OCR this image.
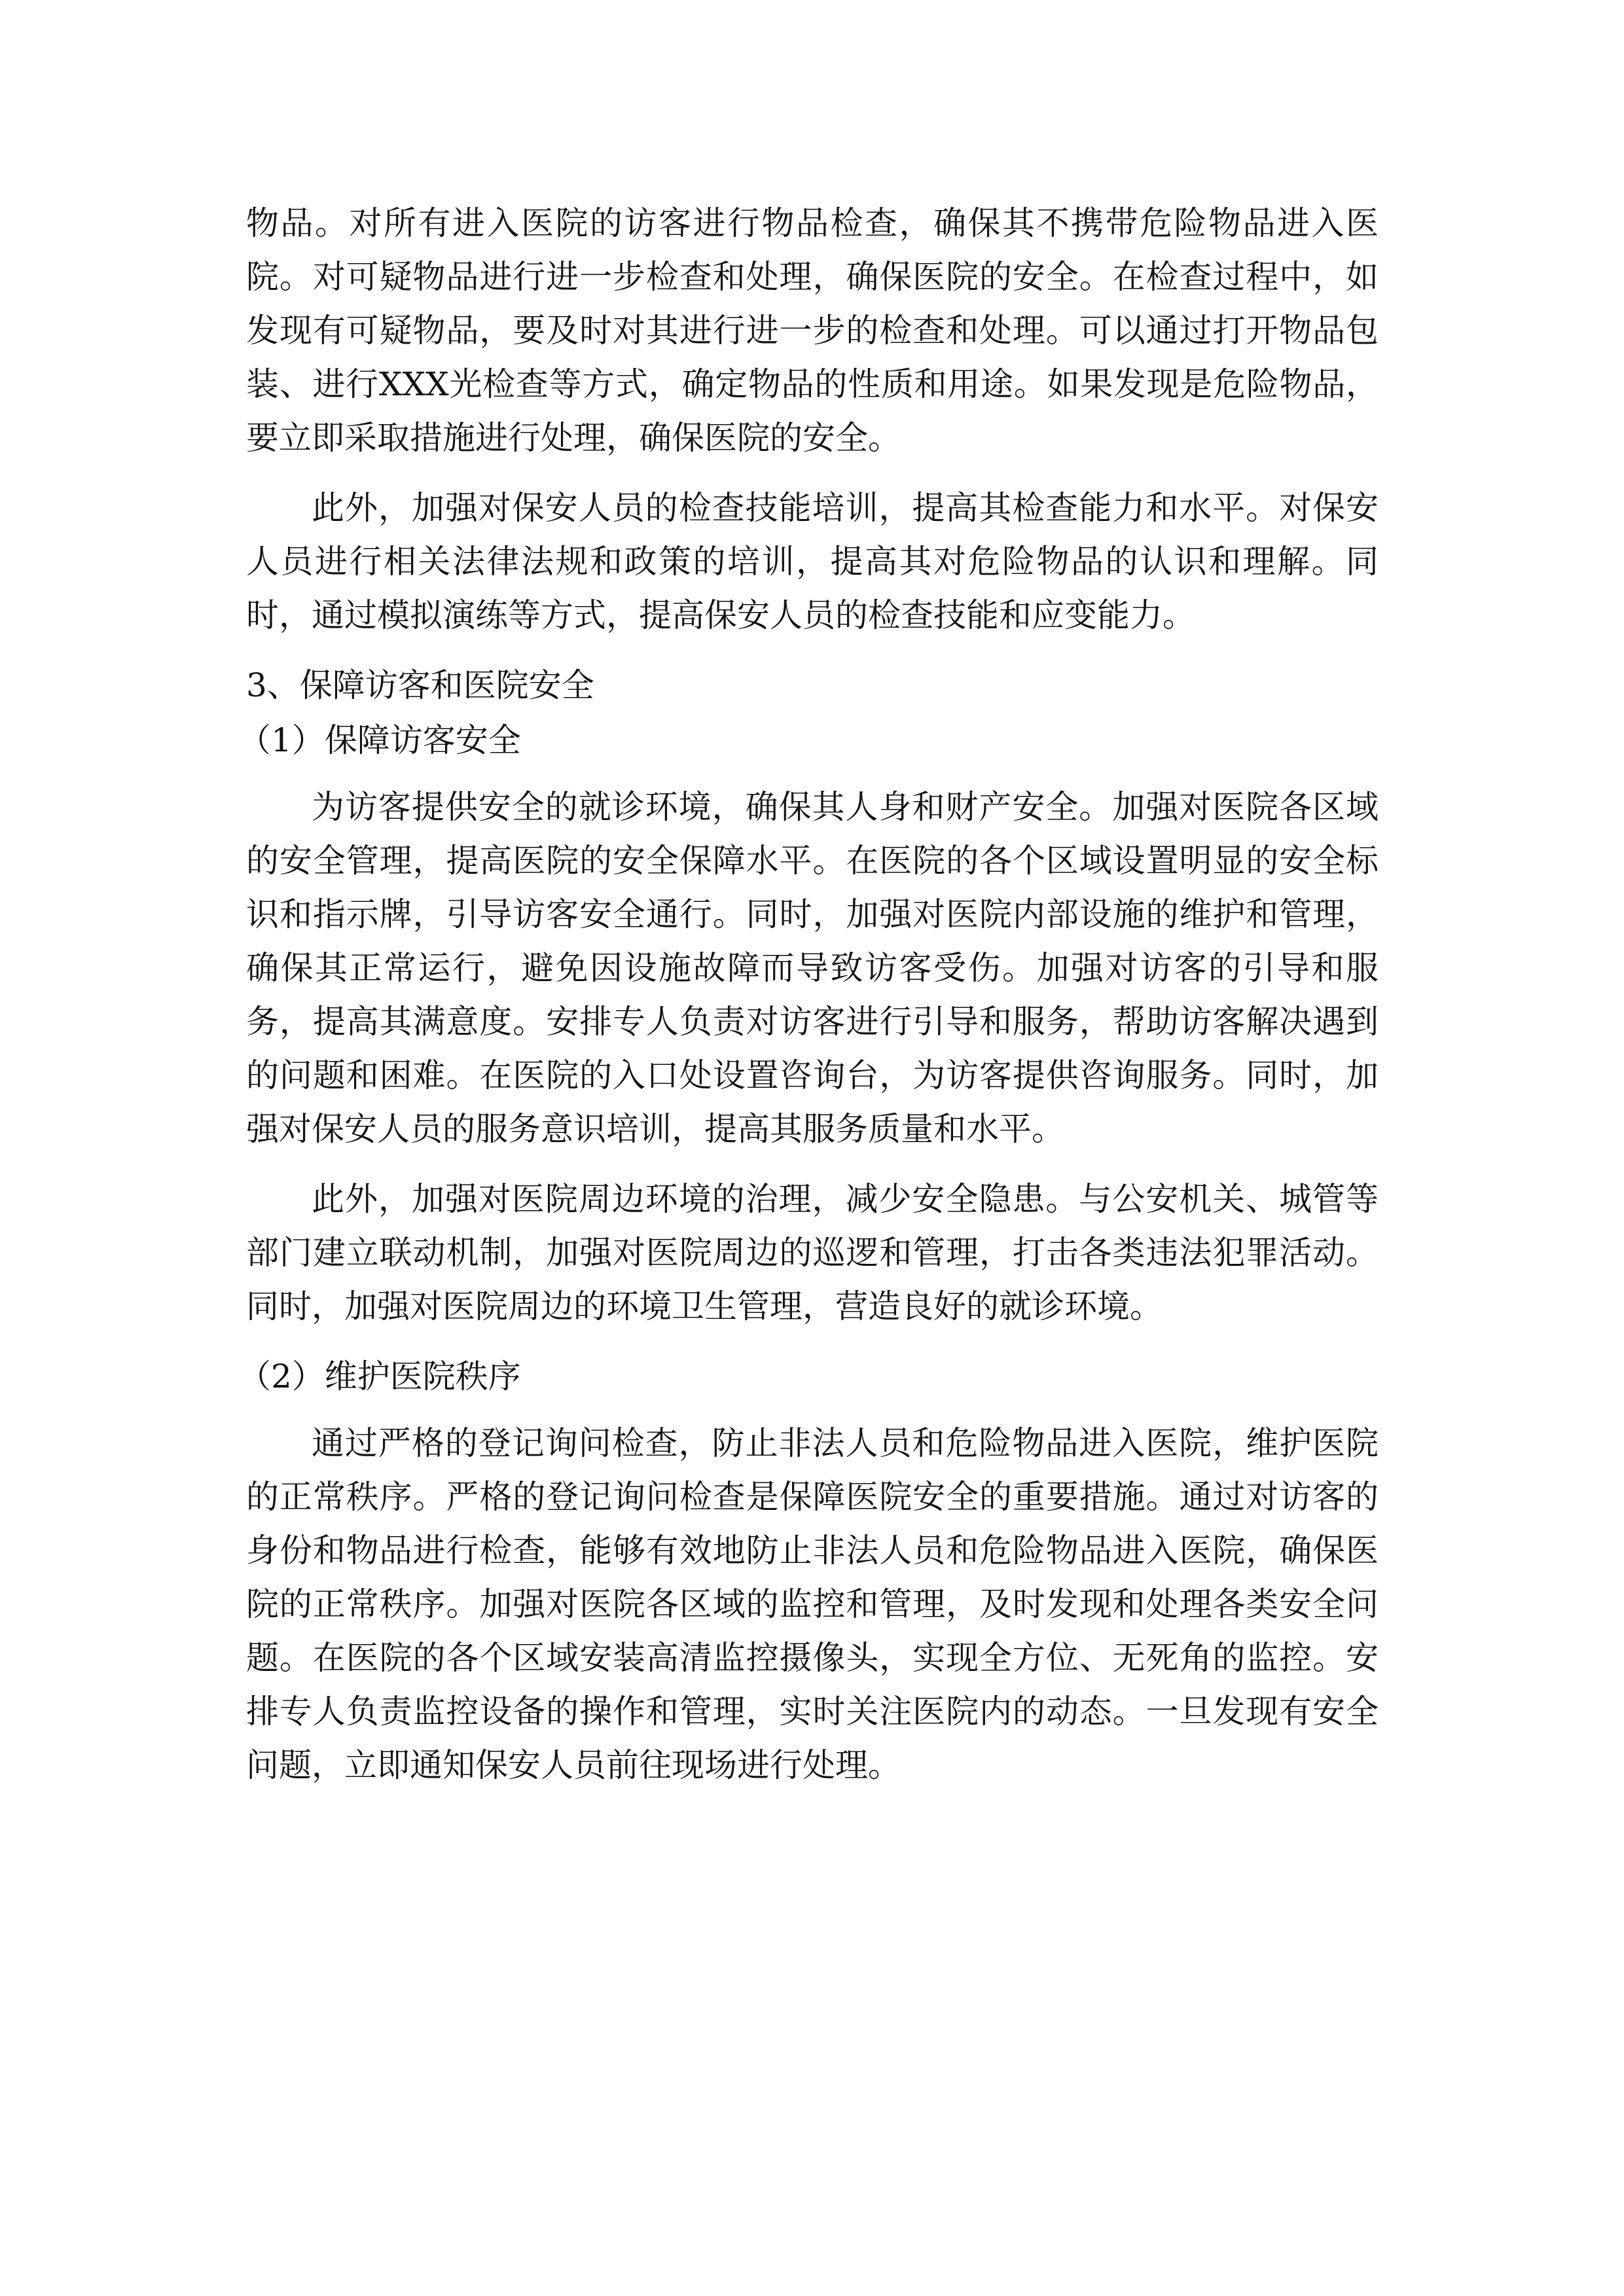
物品。对所有进入医院的访客进行物品检查，确保其不携带危险物品进入医院。对可疑物品进行进一步检查和处理，确保医院的安全。在检查过程中，如发现有可疑物品，要及时对其进行进一步的检查和处理。可以通过打开物品包装、进行XXX光检查等方式，确定物品的性质和用途。如果发现是危险物品，要立即采取措施进行处理，确保医院的安全。

此外，加强对保安人员的检查技能培训，提高其检查能力和水平。对保安人员进行相关法律法规和政策的培训，提高其对危险物品的认识和理解。同时，通过模拟演练等方式，提高保安人员的检查技能和应变能力。

3、保障访客和医院安全

（1）保障访客安全

为访客提供安全的就诊环境，确保其人身和财产安全。加强对医院各区域的安全管理，提高医院的安全保障水平。在医院的各个区域设置明显的安全标识和指示牌，引导访客安全通行。同时，加强对医院内部设施的维护和管理，确保其正常运行，避免因设施故障而导致访客受伤。加强对访客的引导和服务，提高其满意度。安排专人负责对访客进行引导和服务，帮助访客解决遇到的问题和困难。在医院的入口处设置咨询台，为访客提供咨询服务。同时，加强对保安人员的服务意识培训，提高其服务质量和水平。

此外，加强对医院周边环境的治理，减少安全隐患。与公安机关、城管等部门建立联动机制，加强对医院周边的巡逻和管理，打击各类违法犯罪活动。同时，加强对医院周边的环境卫生管理，营造良好的就诊环境。

（2）维护医院秩序

通过严格的登记询问检查，防止非法人员和危险物品进入医院，维护医院的正常秩序。严格的登记询问检查是保障医院安全的重要措施。通过对访客的身份和物品进行检查，能够有效地防止非法人员和危险物品进入医院，确保医院的正常秩序。加强对医院各区域的监控和管理，及时发现和处理各类安全问题。在医院的各个区域安装高清监控摄像头，实现全方位、无死角的监控。安排专人负责监控设备的操作和管理，实时关注医院内的动态。一旦发现有安全问题，立即通知保安人员前往现场进行处理。
